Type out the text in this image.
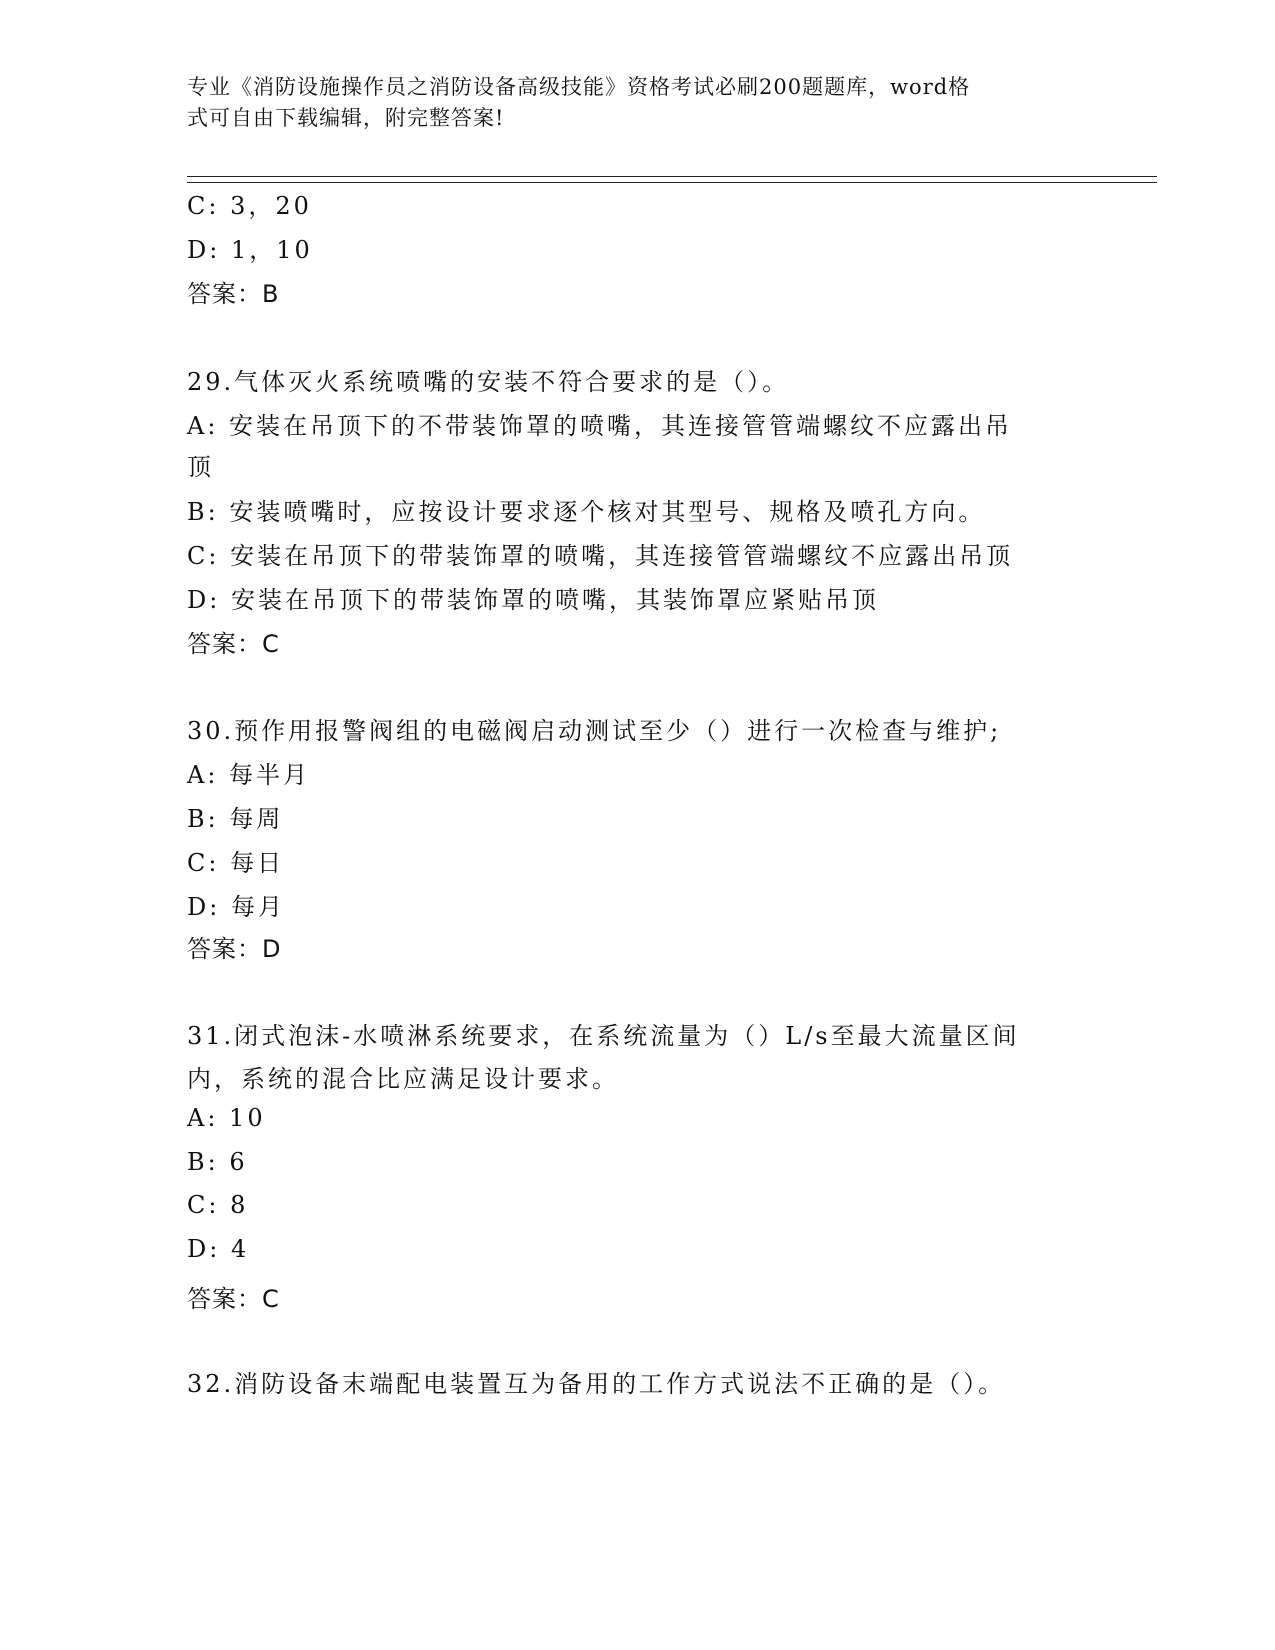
专业《消防设施操作员之消防设备高级技能》资格考试必刷200题题库，word格
式可自由下载编辑，附完整答案!
C: 3，20
D: 1，10
答案：B
29.气体灭火系统喷嘴的安装不符合要求的是（）。
A: 安装在吊顶下的不带装饰罩的喷嘴，其连接管管端螺纹不应露出吊
顶
B: 安装喷嘴时，应按设计要求逐个核对其型号、规格及喷孔方向。
C: 安装在吊顶下的带装饰罩的喷嘴，其连接管管端螺纹不应露出吊顶
D: 安装在吊顶下的带装饰罩的喷嘴，其装饰罩应紧贴吊顶
答案：C
30.预作用报警阀组的电磁阀启动测试至少（）进行一次检查与维护;
A: 每半月
B: 每周
C: 每日
D: 每月
答案：D
31.闭式泡沫-水喷淋系统要求，在系统流量为（）L/s至最大流量区间
内，系统的混合比应满足设计要求。
A: 10
B: 6
C: 8
D: 4
答案：C
32.消防设备末端配电装置互为备用的工作方式说法不正确的是（）。
